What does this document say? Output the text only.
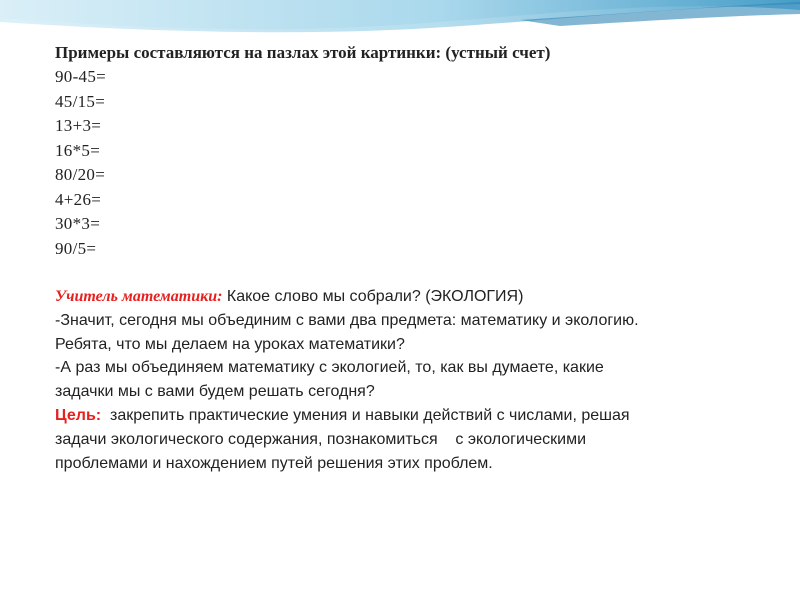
Примеры составляются на пазлах этой картинки: (устный счет)

90-45=

45/15=

13+3=

16*5=

80/20=

4+26=

30*3=

90/5=

Учитель математики: Какое слово мы собрали? (ЭКОЛОГИЯ)

-Значит, сегодня мы объединим с вами два предмета: математику и экологию.

Ребята, что мы делаем на уроках математики?

-А раз мы объединяем математику с экологией, то, как вы думаете, какие

задачки мы с вами будем решать сегодня?

Цель:  закрепить практические умения и навыки действий с числами, решая

задачи экологического содержания, познакомиться    с экологическими

проблемами и нахождением путей решения этих проблем.
